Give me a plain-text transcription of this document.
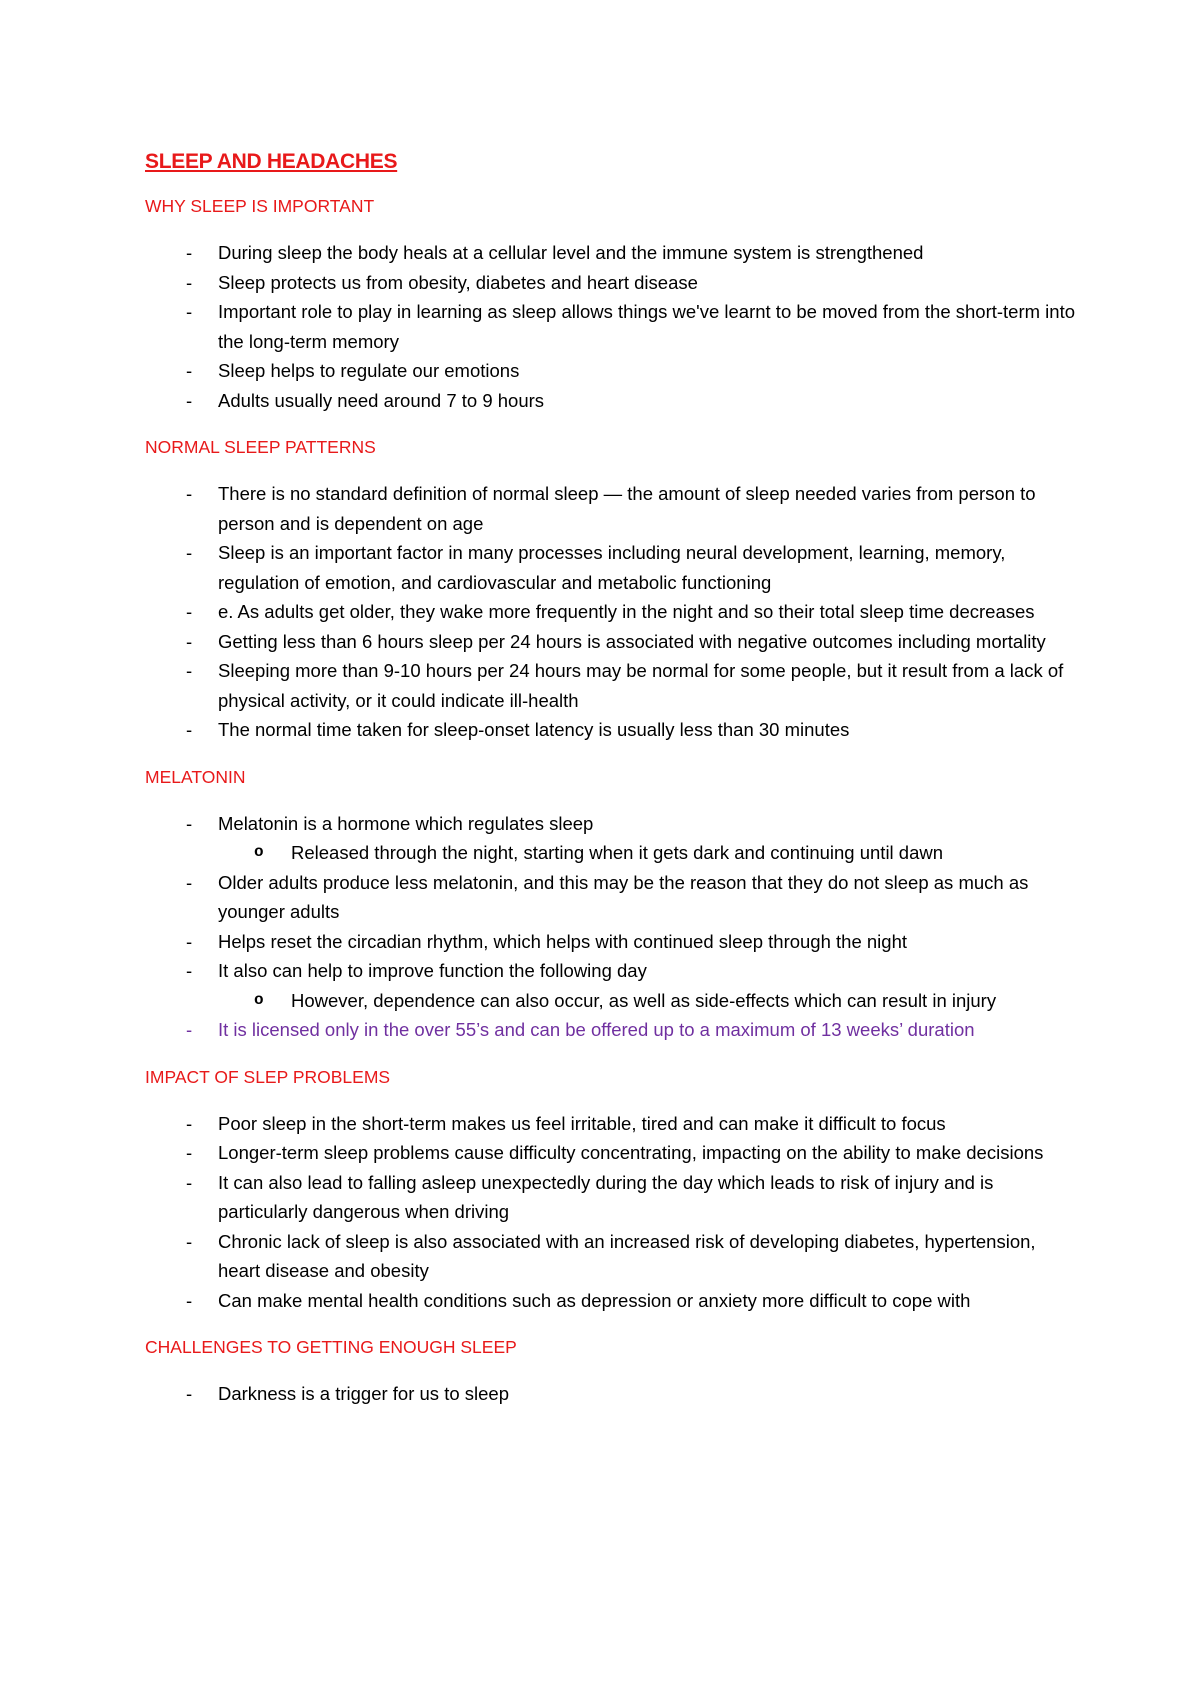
SLEEP AND HEADACHES
WHY SLEEP IS IMPORTANT
- During sleep the body heals at a cellular level and the immune system is strengthened
- Sleep protects us from obesity, diabetes and heart disease
- Important role to play in learning as sleep allows things we've learnt to be moved from the short-term into the long-term memory
- Sleep helps to regulate our emotions
- Adults usually need around 7 to 9 hours
NORMAL SLEEP PATTERNS
- There is no standard definition of normal sleep — the amount of sleep needed varies from person to person and is dependent on age
- Sleep is an important factor in many processes including neural development, learning, memory, regulation of emotion, and cardiovascular and metabolic functioning
- e. As adults get older, they wake more frequently in the night and so their total sleep time decreases
- Getting less than 6 hours sleep per 24 hours is associated with negative outcomes including mortality
- Sleeping more than 9-10 hours per 24 hours may be normal for some people, but it result from a lack of physical activity, or it could indicate ill-health
- The normal time taken for sleep-onset latency is usually less than 30 minutes
MELATONIN
- Melatonin is a hormone which regulates sleep
o Released through the night, starting when it gets dark and continuing until dawn
- Older adults produce less melatonin, and this may be the reason that they do not sleep as much as younger adults
- Helps reset the circadian rhythm, which helps with continued sleep through the night
- It also can help to improve function the following day
o However, dependence can also occur, as well as side-effects which can result in injury
- It is licensed only in the over 55’s and can be offered up to a maximum of 13 weeks’ duration
IMPACT OF SLEP PROBLEMS
- Poor sleep in the short-term makes us feel irritable, tired and can make it difficult to focus
- Longer-term sleep problems cause difficulty concentrating, impacting on the ability to make decisions
- It can also lead to falling asleep unexpectedly during the day which leads to risk of injury and is particularly dangerous when driving
- Chronic lack of sleep is also associated with an increased risk of developing diabetes, hypertension, heart disease and obesity
- Can make mental health conditions such as depression or anxiety more difficult to cope with
CHALLENGES TO GETTING ENOUGH SLEEP
- Darkness is a trigger for us to sleep
